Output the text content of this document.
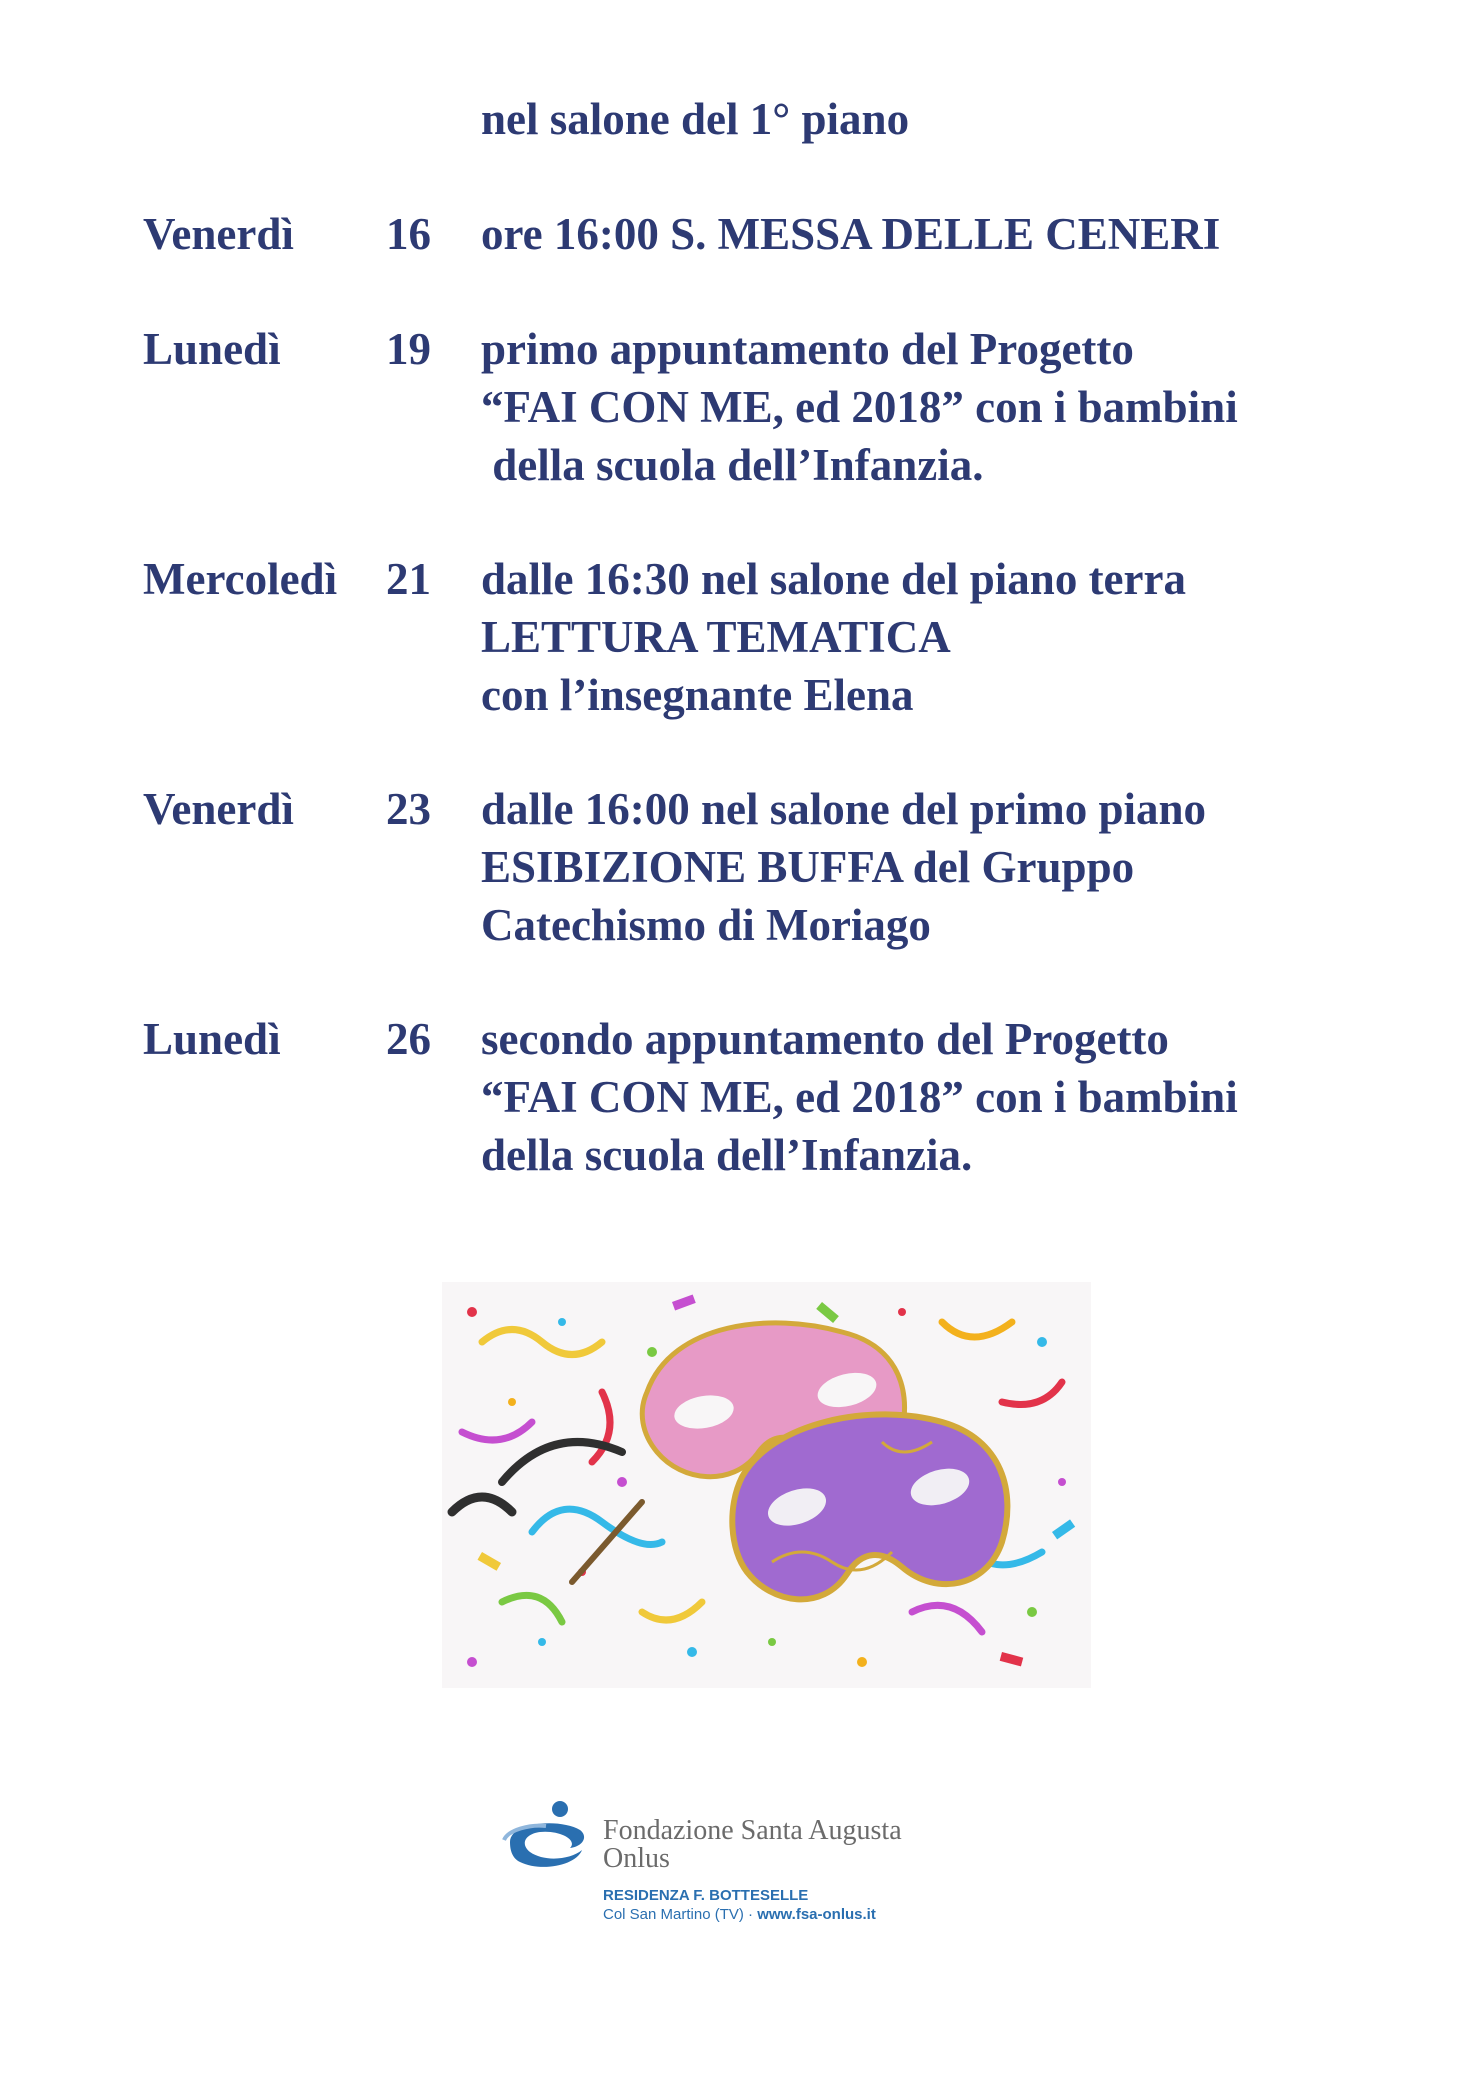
nel salone del 1° piano
Venerdì 16 ore 16:00 S. MESSA DELLE CENERI
Lunedì 19 primo appuntamento del Progetto
“FAI CON ME, ed 2018” con i bambini
della scuola dell’Infanzia.
Mercoledì 21 dalle 16:30 nel salone del piano terra
LETTURA TEMATICA
con l’insegnante Elena
Venerdì 23 dalle 16:00 nel salone del primo piano
ESIBIZIONE BUFFA del Gruppo
Catechismo di Moriago
Lunedì 26 secondo appuntamento del Progetto
“FAI CON ME, ed 2018” con i bambini
della scuola dell’Infanzia.
Fondazione Santa Augusta
Onlus
RESIDENZA F. BOTTESELLE
Col San Martino (TV) · www.fsa-onlus.it
